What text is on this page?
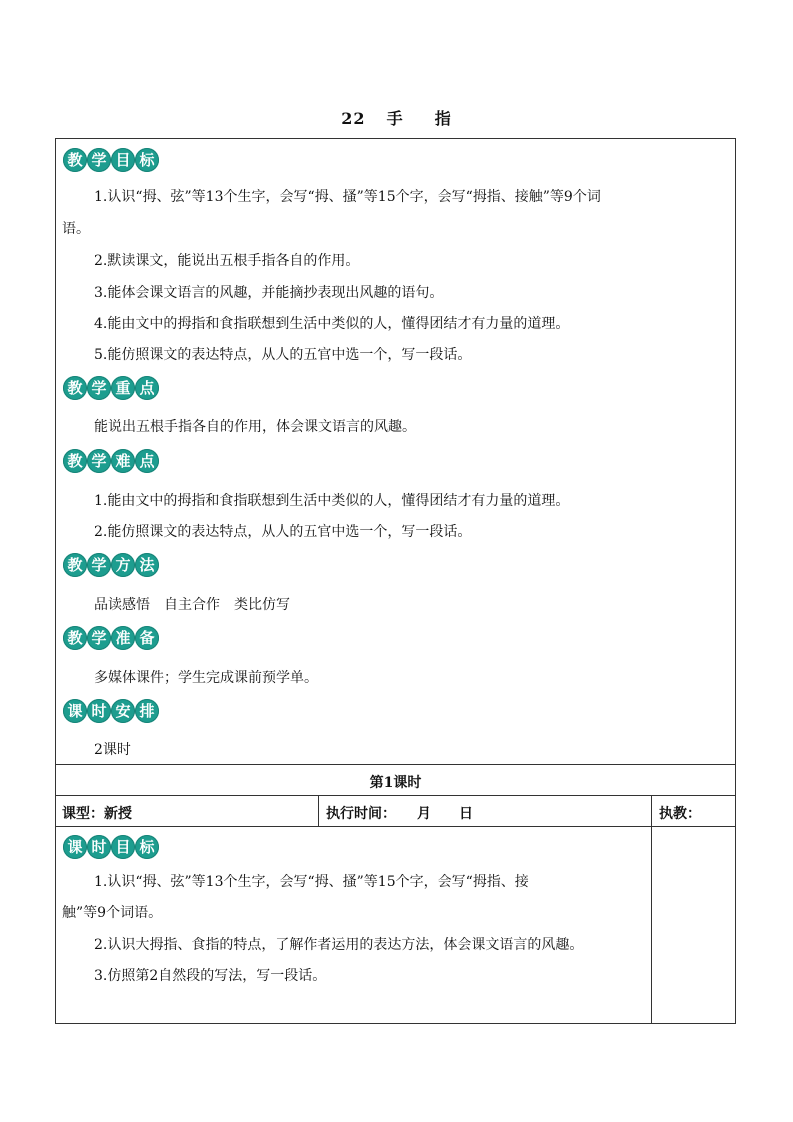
22 手 指
教 学 目 标
1.认识“拇、弦”等13个生字，会写“拇、搔”等15个字，会写“拇指、接触”等9个词
语。
2.默读课文，能说出五根手指各自的作用。
3.能体会课文语言的风趣，并能摘抄表现出风趣的语句。
4.能由文中的拇指和食指联想到生活中类似的人，懂得团结才有力量的道理。
5.能仿照课文的表达特点，从人的五官中选一个，写一段话。
教 学 重 点
能说出五根手指各自的作用，体会课文语言的风趣。
教 学 难 点
1.能由文中的拇指和食指联想到生活中类似的人，懂得团结才有力量的道理。
2.能仿照课文的表达特点，从人的五官中选一个，写一段话。
教 学 方 法
品读感悟　自主合作　类比仿写
教 学 准 备
多媒体课件；学生完成课前预学单。
课 时 安 排
2课时
第1课时
课型：新授	执行时间：　　月　　日	执教：
课 时 目 标
1.认识“拇、弦”等13个生字，会写“拇、搔”等15个字，会写“拇指、接
触”等9个词语。
2.认识大拇指、食指的特点，了解作者运用的表达方法，体会课文语言的风趣。
3.仿照第2自然段的写法，写一段话。
